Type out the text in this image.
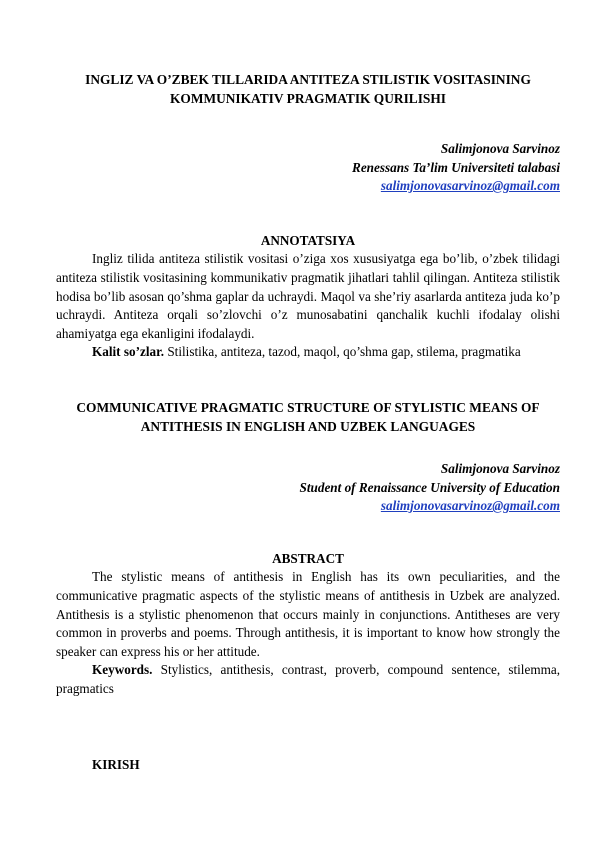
INGLIZ VA O’ZBEK TILLARIDA ANTITEZA STILISTIK VOSITASINING

KOMMUNIKATIV PRAGMATIK QURILISHI

Salimjonova Sarvinoz
Renessans Ta’lim Universiteti talabasi
salimjonovasarvinoz@gmail.com

ANNOTATSIYA

Ingliz tilida antiteza stilistik vositasi o’ziga xos xususiyatga ega bo’lib, o’zbek tilidagi antiteza stilistik vositasining kommunikativ pragmatik jihatlari tahlil qilingan. Antiteza stilistik hodisa bo’lib asosan qo’shma gaplar da uchraydi. Maqol va she’riy asarlarda antiteza juda ko’p uchraydi. Antiteza orqali so’zlovchi o’z munosabatini qanchalik kuchli ifodalay olishi ahamiyatga ega ekanligini ifodalaydi.

Kalit so’zlar. Stilistika, antiteza, tazod, maqol, qo’shma gap, stilema, pragmatika

COMMUNICATIVE PRAGMATIC STRUCTURE OF STYLISTIC MEANS OF

ANTITHESIS IN ENGLISH AND UZBEK LANGUAGES

Salimjonova Sarvinoz
Student of Renaissance University of Education
salimjonovasarvinoz@gmail.com

ABSTRACT

The stylistic means of antithesis in English has its own peculiarities, and the communicative pragmatic aspects of the stylistic means of antithesis in Uzbek are analyzed. Antithesis is a stylistic phenomenon that occurs mainly in conjunctions. Antitheses are very common in proverbs and poems. Through antithesis, it is important to know how strongly the speaker can express his or her attitude.

Keywords. Stylistics, antithesis, contrast, proverb, compound sentence, stilemma, pragmatics

KIRISH
